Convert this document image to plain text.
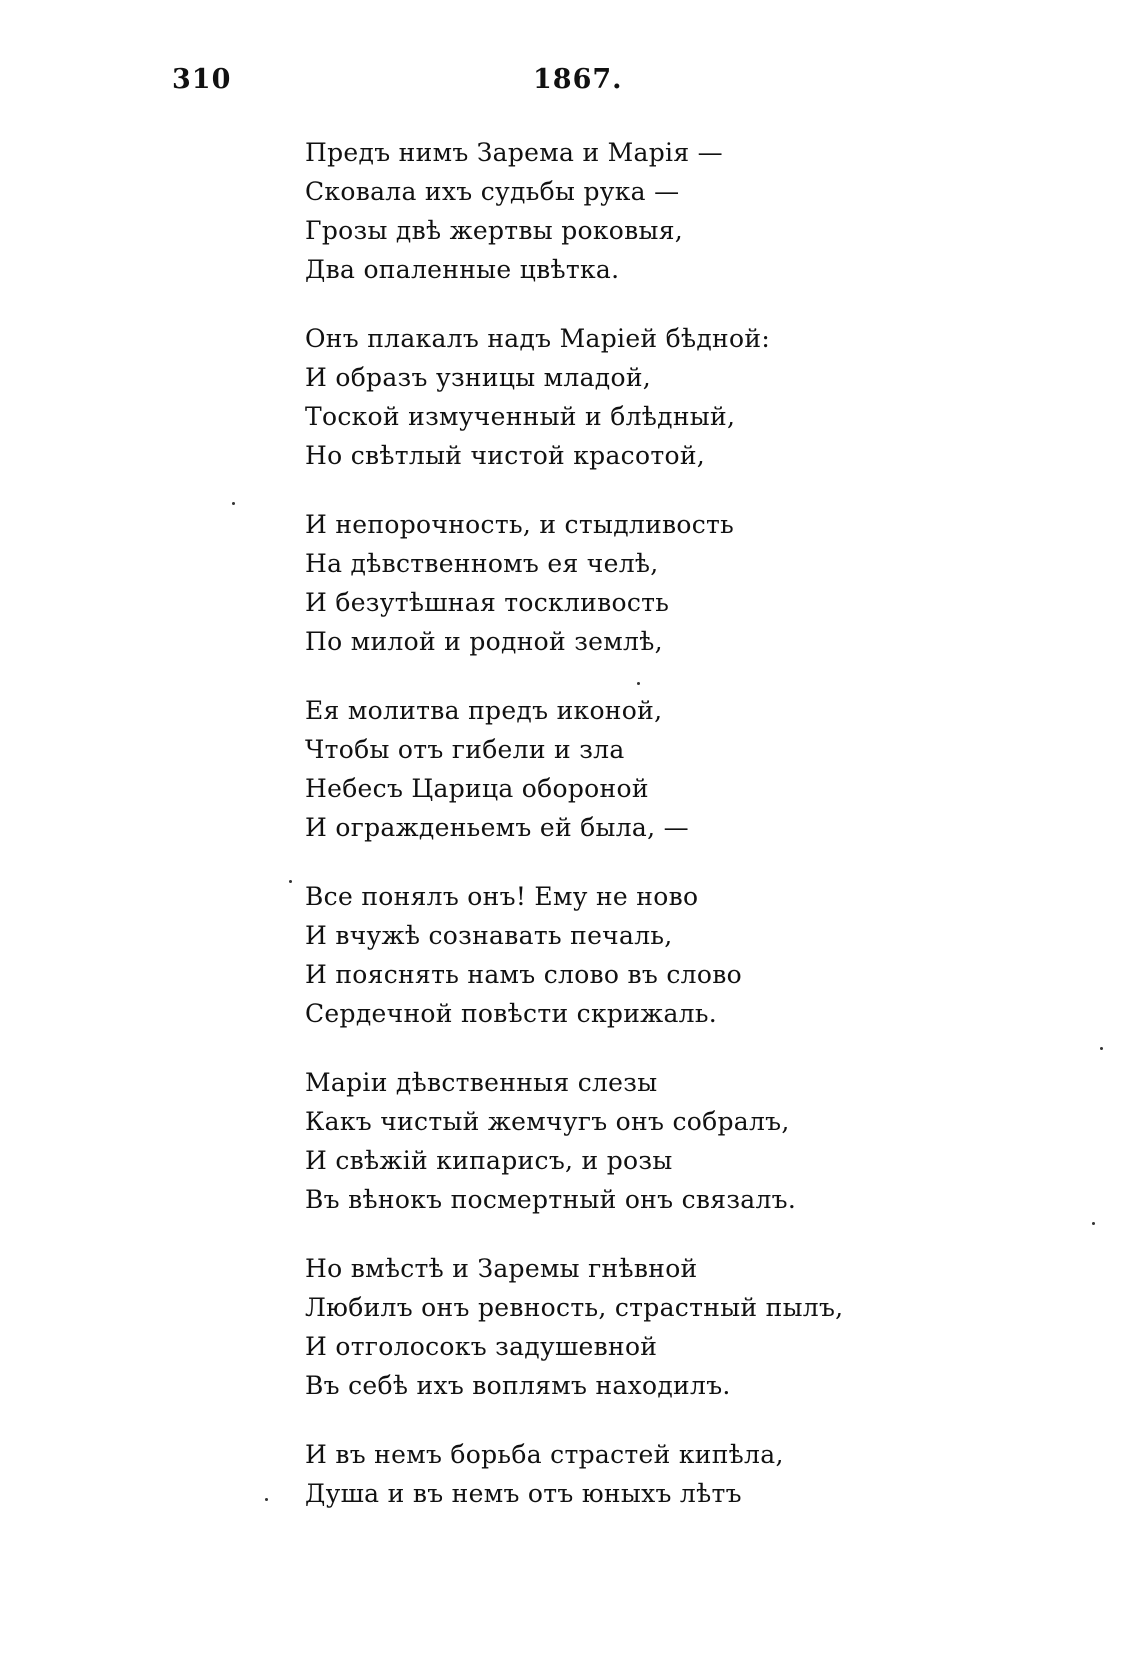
310	1867.
Предъ нимъ Зарема и Марія —
Сковала ихъ судьбы рука —
Грозы двѣ жертвы роковыя,
Два опаленные цвѣтка.
Онъ плакалъ надъ Маріей бѣдной:
И образъ узницы младой,
Тоской измученный и блѣдный,
Но свѣтлый чистой красотой,
И непорочность, и стыдливость
На дѣвственномъ ея челѣ,
И безутѣшная тоскливость
По милой и родной землѣ,
Ея молитва предъ иконой,
Чтобы отъ гибели и зла
Небесъ Царица обороной
И огражденьемъ ей была, —
Все понялъ онъ! Ему не ново
И вчужѣ сознавать печаль,
И пояснять намъ слово въ слово
Сердечной повѣсти скрижаль.
Маріи дѣвственныя слезы
Какъ чистый жемчугъ онъ собралъ,
И свѣжій кипарисъ, и розы
Въ вѣнокъ посмертный онъ связалъ.
Но вмѣстѣ и Заремы гнѣвной
Любилъ онъ ревность, страстный пылъ,
И отголосокъ задушевной
Въ себѣ ихъ воплямъ находилъ.
И въ немъ борьба страстей кипѣла,
Душа и въ немъ отъ юныхъ лѣтъ
